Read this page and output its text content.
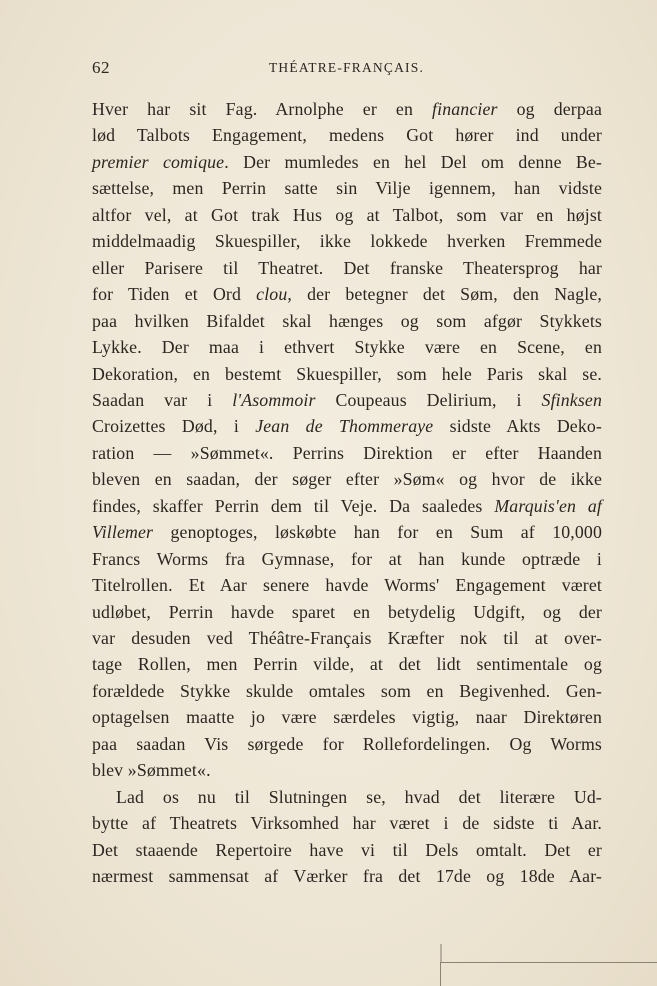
62	THÉATRE-FRANÇAIS.
Hver har sit Fag. Arnolphe er en financier og derpaa
lød Talbots Engagement, medens Got hører ind under
premier comique. Der mumledes en hel Del om denne Be-
sættelse, men Perrin satte sin Vilje igennem, han vidste
altfor vel, at Got trak Hus og at Talbot, som var en højst
middelmaadig Skuespiller, ikke lokkede hverken Fremmede
eller Parisere til Theatret. Det franske Theatersprog har
for Tiden et Ord clou, der betegner det Søm, den Nagle,
paa hvilken Bifaldet skal hænges og som afgør Stykkets
Lykke. Der maa i ethvert Stykke være en Scene, en
Dekoration, en bestemt Skuespiller, som hele Paris skal se.
Saadan var i l'Asommoir Coupeaus Delirium, i Sfinksen
Croizettes Død, i Jean de Thommeraye sidste Akts Deko-
ration — »Sømmet«. Perrins Direktion er efter Haanden
bleven en saadan, der søger efter »Søm« og hvor de ikke
findes, skaffer Perrin dem til Veje. Da saaledes Marquis'en af
Villemer genoptoges, løskøbte han for en Sum af 10,000
Francs Worms fra Gymnase, for at han kunde optræde i
Titelrollen. Et Aar senere havde Worms' Engagement været
udløbet, Perrin havde sparet en betydelig Udgift, og der
var desuden ved Théâtre-Français Kræfter nok til at over-
tage Rollen, men Perrin vilde, at det lidt sentimentale og
forældede Stykke skulde omtales som en Begivenhed. Gen-
optagelsen maatte jo være særdeles vigtig, naar Direktøren
paa saadan Vis sørgede for Rollefordelingen. Og Worms
blev »Sømmet«.
Lad os nu til Slutningen se, hvad det literære Ud-
bytte af Theatrets Virksomhed har været i de sidste ti Aar.
Det staaende Repertoire have vi til Dels omtalt. Det er
nærmest sammensat af Værker fra det 17de og 18de Aar-
